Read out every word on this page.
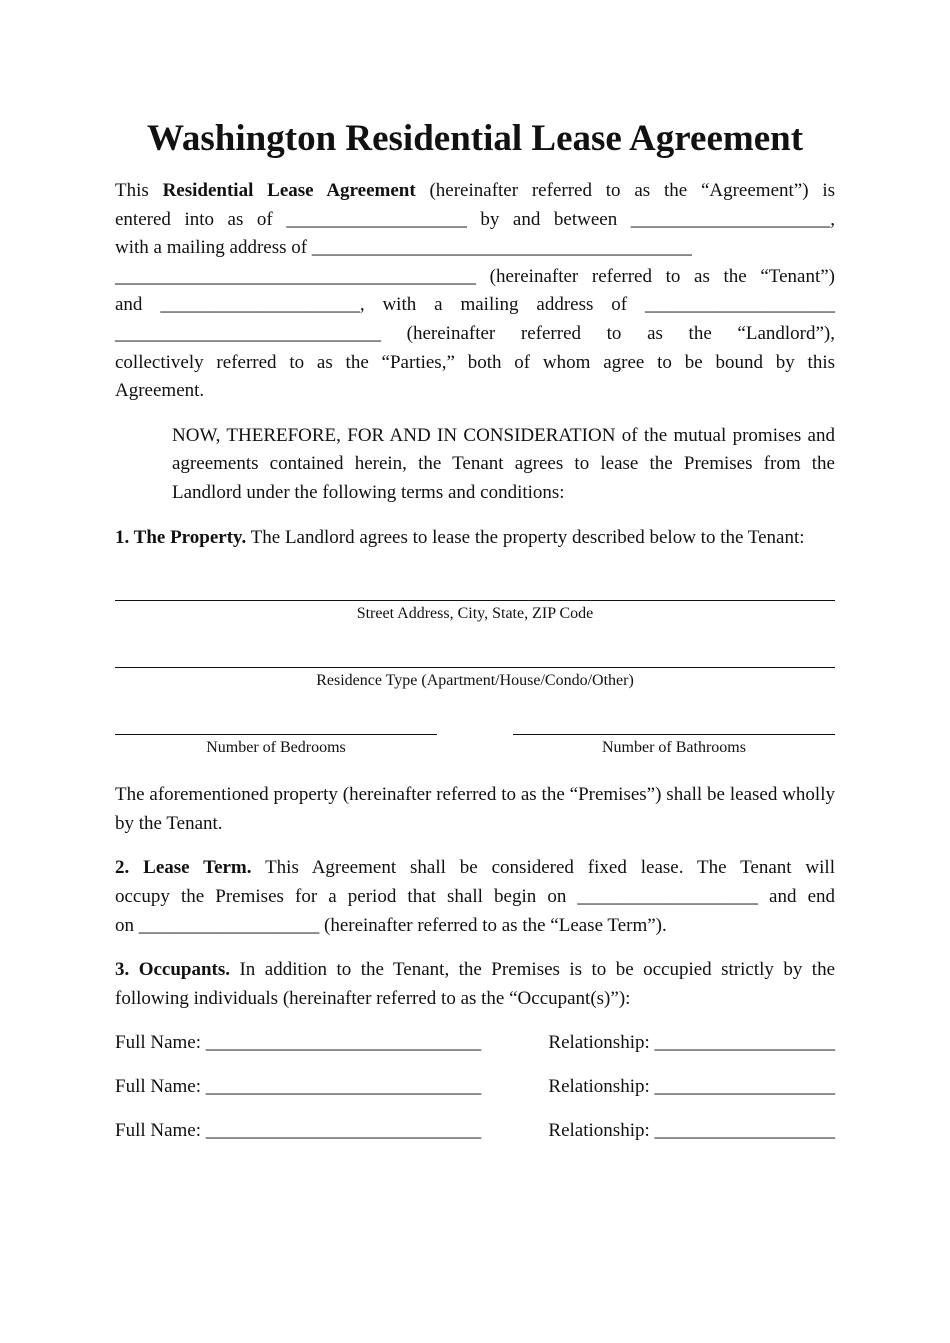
Washington Residential Lease Agreement
This Residential Lease Agreement (hereinafter referred to as the “Agreement”) is
entered into as of ___________________ by and between _____________________,
with a mailing address of ________________________________________
______________________________________ (hereinafter referred to as the “Tenant”)
and _____________________, with a mailing address of ____________________
____________________________ (hereinafter referred to as the “Landlord”),
collectively referred to as the “Parties,” both of whom agree to be bound by this
Agreement.

NOW, THEREFORE, FOR AND IN CONSIDERATION of the mutual promises and agreements contained herein, the Tenant agrees to lease the Premises from the Landlord under the following terms and conditions:

1. The Property. The Landlord agrees to lease the property described below to the Tenant:

Street Address, City, State, ZIP Code
Residence Type (Apartment/House/Condo/Other)
Number of Bedrooms	Number of Bathrooms

The aforementioned property (hereinafter referred to as the “Premises”) shall be leased wholly by the Tenant.

2. Lease Term. This Agreement shall be considered fixed lease. The Tenant will
occupy the Premises for a period that shall begin on ___________________ and end
on ___________________ (hereinafter referred to as the “Lease Term”).

3. Occupants. In addition to the Tenant, the Premises is to be occupied strictly by the following individuals (hereinafter referred to as the “Occupant(s)”):

Full Name: _____________________________	Relationship: ___________________
Full Name: _____________________________	Relationship: ___________________
Full Name: _____________________________	Relationship: ___________________
